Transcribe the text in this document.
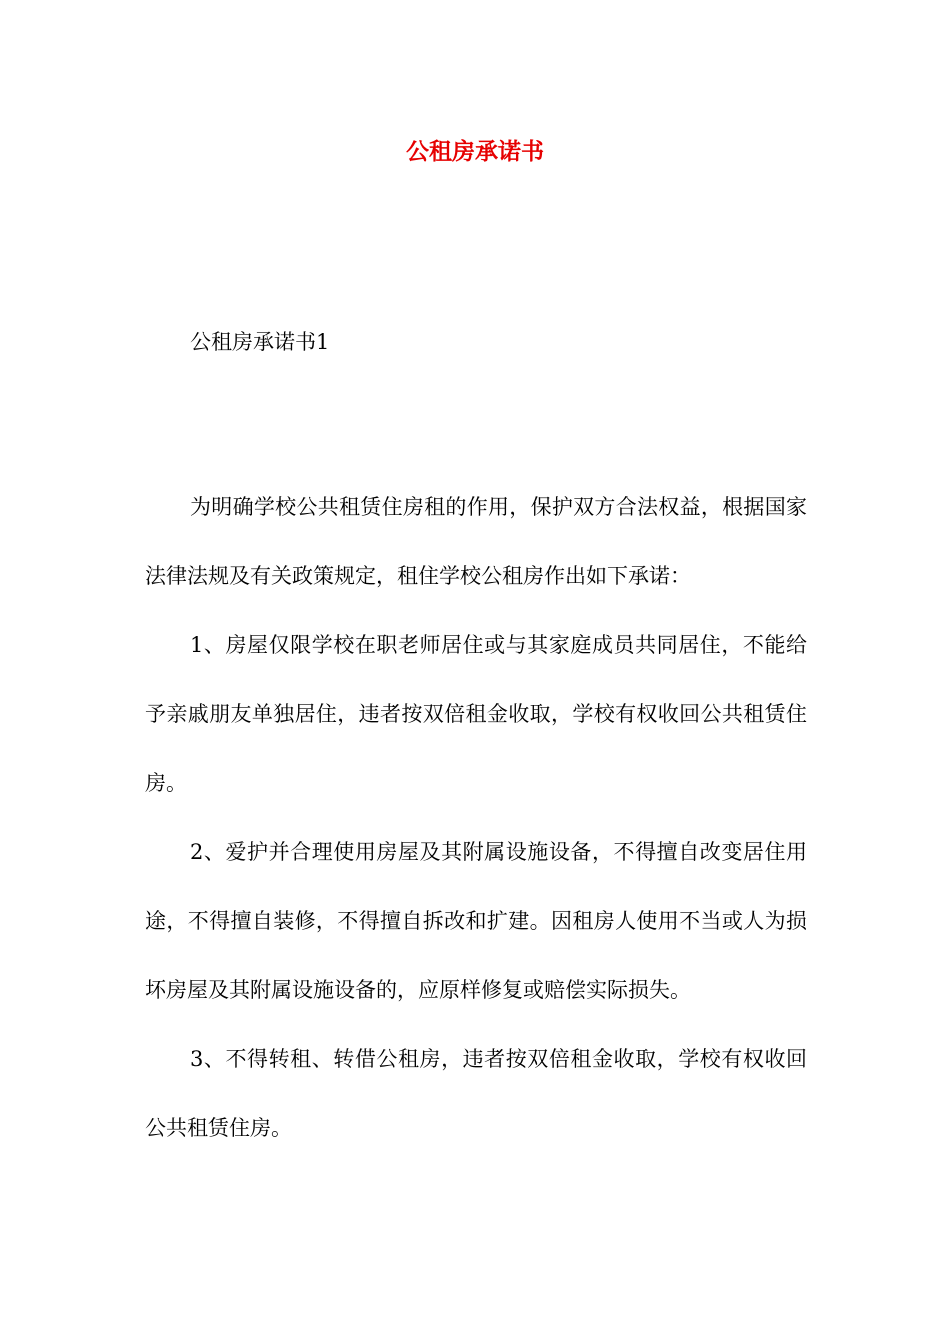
公租房承诺书

公租房承诺书1

为明确学校公共租赁住房租的作用，保护双方合法权益，根据国家法律法规及有关政策规定，租住学校公租房作出如下承诺：

1、房屋仅限学校在职老师居住或与其家庭成员共同居住，不能给予亲戚朋友单独居住，违者按双倍租金收取，学校有权收回公共租赁住房。

2、爱护并合理使用房屋及其附属设施设备，不得擅自改变居住用途，不得擅自装修，不得擅自拆改和扩建。因租房人使用不当或人为损坏房屋及其附属设施设备的，应原样修复或赔偿实际损失。

3、不得转租、转借公租房，违者按双倍租金收取，学校有权收回公共租赁住房。
